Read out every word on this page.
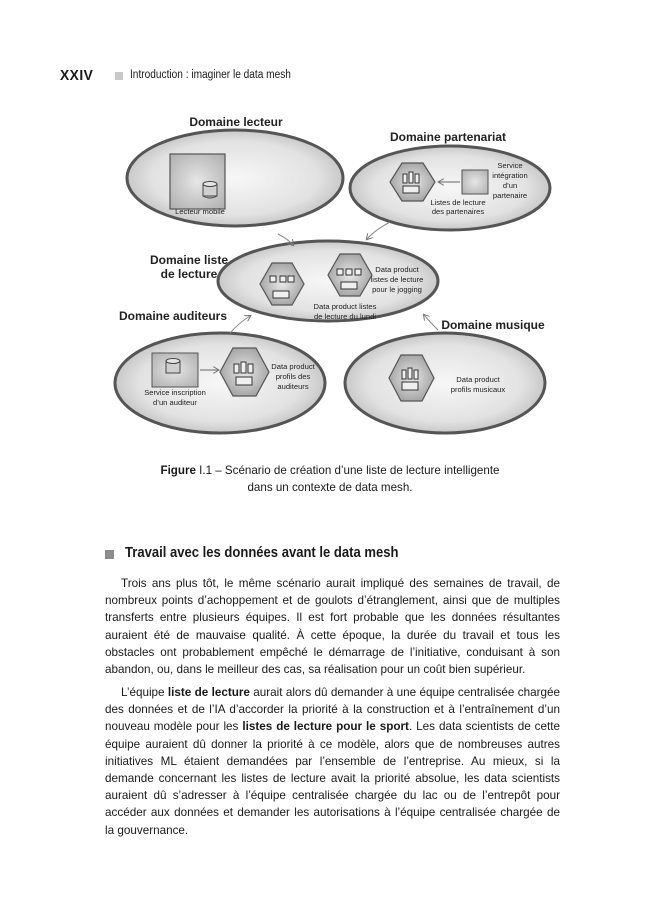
XXIV	Introduction : imaginer le data mesh
Domaine lecteur
Lecteur mobile
Domaine partenariat
Service
intégration
d’un
partenaire
Listes de lecture
des partenaires
Domaine liste
de lecture	Data product
listes de lecture
pour le jogging
Data product listes
de lecture du lundi
Domaine auditeurs
Service inscription
d’un auditeur
Data product
profils des
auditeurs
Domaine musique
Data product
profils musicaux
Figure I.1 – Scénario de création d’une liste de lecture intelligente
dans un contexte de data mesh.
Travail avec les données avant le data mesh

Trois ans plus tôt, le même scénario aurait impliqué des semaines de travail, de nombreux points d’achoppement et de goulots d’étranglement, ainsi que de multiples transferts entre plusieurs équipes. Il est fort probable que les données résultantes auraient été de mauvaise qualité. À cette époque, la durée du travail et tous les obstacles ont probablement empêché le démarrage de l’initiative, conduisant à son abandon, ou, dans le meilleur des cas, sa réalisation pour un coût bien supérieur.

L’équipe liste de lecture aurait alors dû demander à une équipe centralisée chargée des données et de l’IA d’accorder la priorité à la construction et à l’entraînement d’un nouveau modèle pour les listes de lecture pour le sport. Les data scientists de cette équipe auraient dû donner la priorité à ce modèle, alors que de nombreuses autres initiatives ML étaient demandées par l’ensemble de l’entreprise. Au mieux, si la demande concernant les listes de lecture avait la priorité absolue, les data scientists auraient dû s’adresser à l’équipe centralisée chargée du lac ou de l’entrepôt pour accéder aux données et demander les autorisations à l’équipe centralisée chargée de la gouvernance.
